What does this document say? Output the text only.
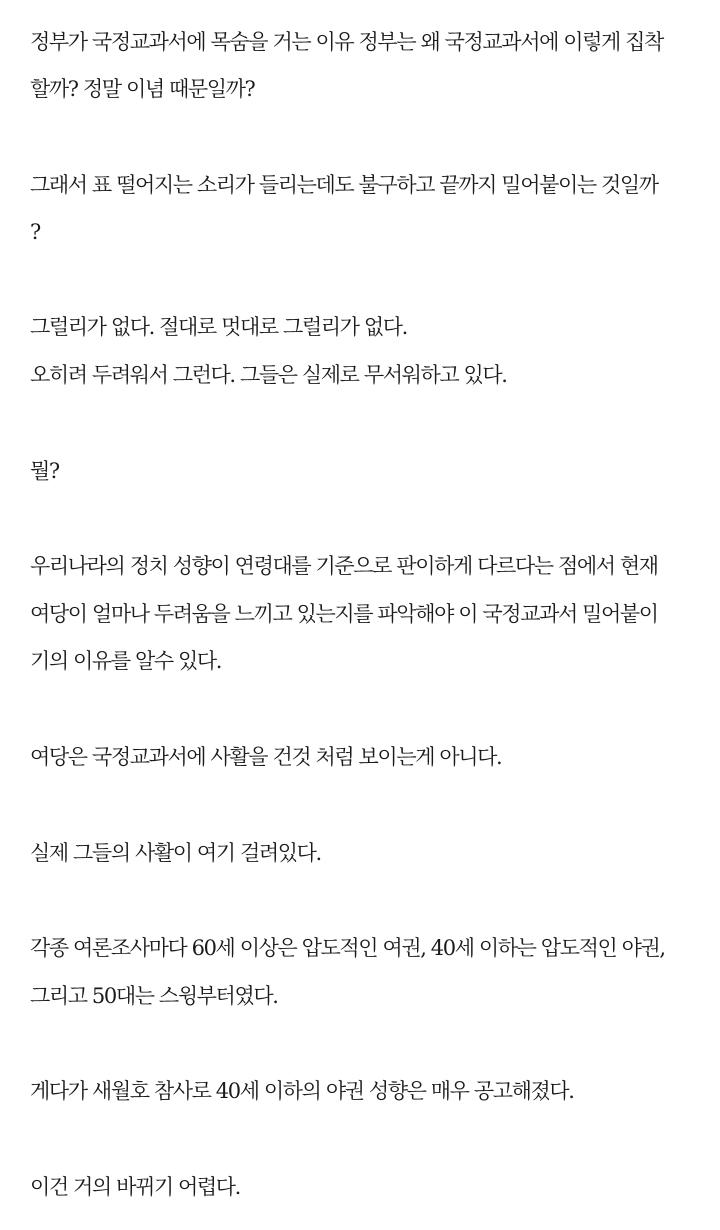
정부가 국정교과서에 목숨을 거는 이유 정부는 왜 국정교과서에 이렇게 집착
할까? 정말 이념 때문일까?
그래서 표 떨어지는 소리가 들리는데도 불구하고 끝까지 밀어붙이는 것일까
?
그럴리가 없다. 절대로 멋대로 그럴리가 없다.
오히려 두려워서 그런다. 그들은 실제로 무서워하고 있다.
뭘?
우리나라의 정치 성향이 연령대를 기준으로 판이하게 다르다는 점에서 현재
여당이 얼마나 두려움을 느끼고 있는지를 파악해야 이 국정교과서 밀어붙이
기의 이유를 알수 있다.
여당은 국정교과서에 사활을 건것 처럼 보이는게 아니다.
실제 그들의 사활이 여기 걸려있다.
각종 여론조사마다 60세 이상은 압도적인 여권, 40세 이하는 압도적인 야권,
그리고 50대는 스윙부터였다.
게다가 새월호 참사로 40세 이하의 야권 성향은 매우 공고해졌다.
이건 거의 바뀌기 어렵다.
